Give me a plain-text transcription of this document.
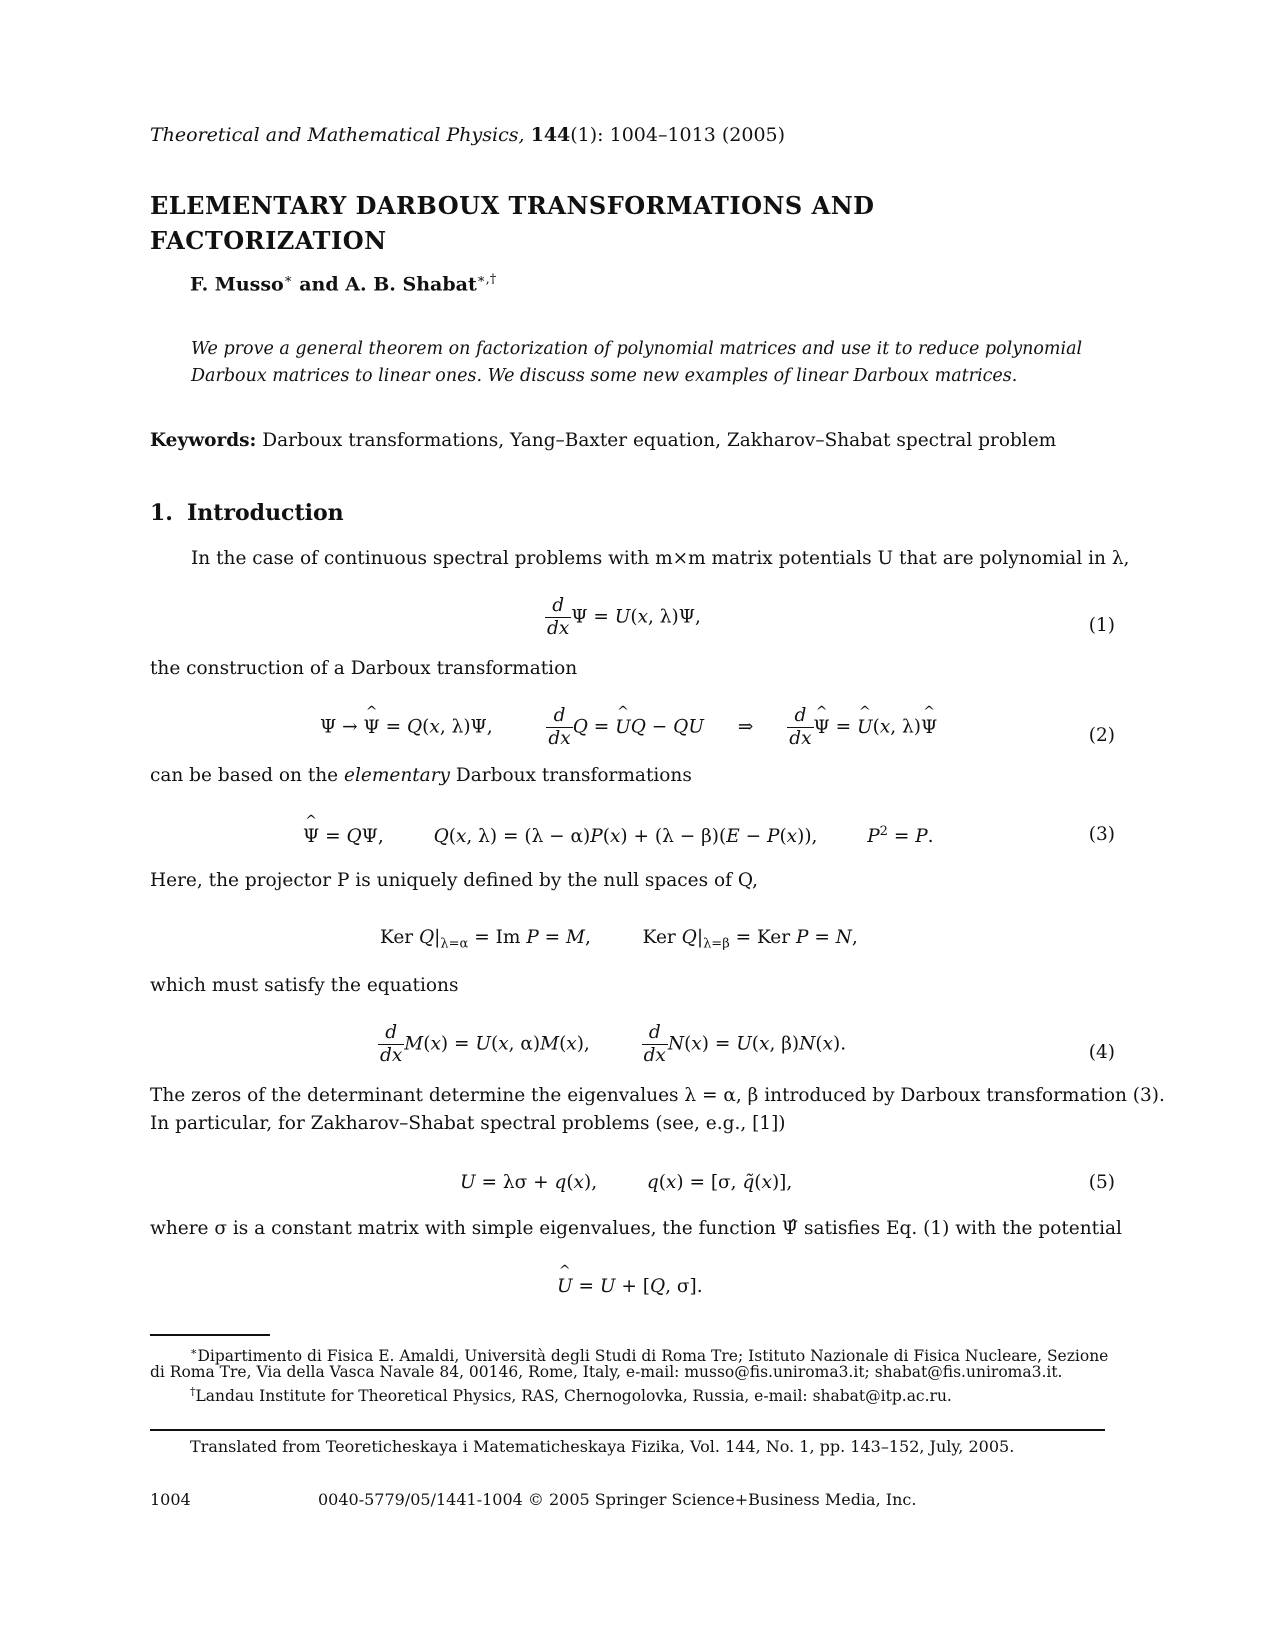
Theoretical and Mathematical Physics, 144(1): 1004–1013 (2005)
ELEMENTARY DARBOUX TRANSFORMATIONS AND FACTORIZATION
F. Musso∗ and A. B. Shabat∗,†
We prove a general theorem on factorization of polynomial matrices and use it to reduce polynomial Darboux matrices to linear ones. We discuss some new examples of linear Darboux matrices.
Keywords: Darboux transformations, Yang–Baxter equation, Zakharov–Shabat spectral problem
1. Introduction
In the case of continuous spectral problems with m×m matrix potentials U that are polynomial in λ,
$\frac{d}{dx}$ Ψ = U(x, λ)Ψ,	(1)
the construction of a Darboux transformation
Ψ → ^ Ψ = Q(x, λ)Ψ,	$\frac{d}{dx}$ Q = ^ UQ − QU ⇒ $\frac{d}{dx}$
^ Ψ = ^ U(x, λ)^ Ψ	(2)
can be based on the elementary Darboux transformations
^ Ψ = QΨ,  Q(x, λ) = (λ − α)P(x) + (λ − β)(E − P(x)),  $P^2 = P$.	(3)
Here, the projector P is uniquely defined by the null spaces of Q,
Ker $Q|_{\lambda=\alpha} = Im$ P = M,  Ker $Q|_{\lambda=\beta}$ = Ker P = N,
which must satisfy the equations
$\frac{d}{dx} M(x) = U(x$, α)M(x), $\frac{d}{dx} N(x) = U(x$, β)N(x).	(4)
The zeros of the determinant determine the eigenvalues λ = α, β introduced by Darboux transformation (3).
In particular, for Zakharov–Shabat spectral problems (see, e.g., [1])
U = λσ + q(x),  q(x) = [σ, q̃(x)],	(5)
where σ is a constant matrix with simple eigenvalues, the function Ψ̂ satisfies Eq. (1) with the potential
^ U = U + [Q, σ].
∗Dipartimento di Fisica E. Amaldi, Università degli Studi di Roma Tre; Istituto Nazionale di Fisica Nucleare, Sezione
di Roma Tre, Via della Vasca Navale 84, 00146, Rome, Italy, e-mail: musso@fis.uniroma3.it; shabat@fis.uniroma3.it.
†Landau Institute for Theoretical Physics, RAS, Chernogolovka, Russia, e-mail: shabat@itp.ac.ru.
Translated from Teoreticheskaya i Matematicheskaya Fizika, Vol. 144, No. 1, pp. 143–152, July, 2005.
1004	0040-5779/05/1441-1004 © 2005 Springer Science+Business Media, Inc.
